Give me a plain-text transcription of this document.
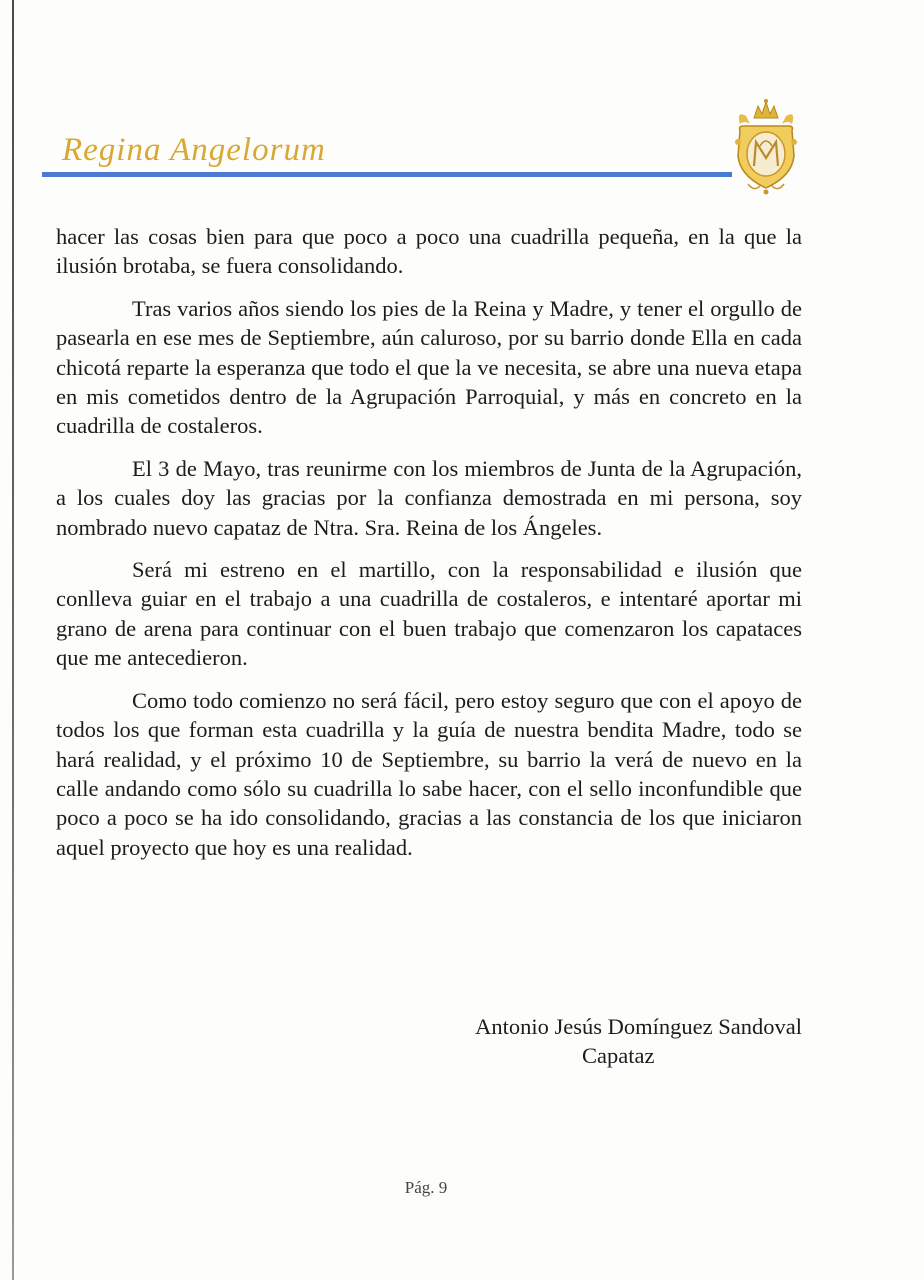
Regina Angelorum

hacer las cosas bien para que poco a poco una cuadrilla pequeña, en la que la ilusión brotaba, se fuera consolidando.

Tras varios años siendo los pies de la Reina y Madre, y tener el orgullo de pasearla en ese mes de Septiembre, aún caluroso, por su barrio donde Ella en cada chicotá reparte la esperanza que todo el que la ve necesita, se abre una nueva etapa en mis cometidos dentro de la Agrupación Parroquial, y más en concreto en la cuadrilla de costaleros.

El 3 de Mayo, tras reunirme con los miembros de Junta de la Agrupación, a los cuales doy las gracias por la confianza demostrada en mi persona, soy nombrado nuevo capataz de Ntra. Sra. Reina de los Ángeles.

Será mi estreno en el martillo, con la responsabilidad e ilusión que conlleva guiar en el trabajo a una cuadrilla de costaleros, e intentaré aportar mi grano de arena para continuar con el buen trabajo que comenzaron los capataces que me antecedieron.

Como todo comienzo no será fácil, pero estoy seguro que con el apoyo de todos los que forman esta cuadrilla y la guía de nuestra bendita Madre, todo se hará realidad, y el próximo 10 de Septiembre, su barrio la verá de nuevo en la calle andando como sólo su cuadrilla lo sabe hacer, con el sello inconfundible que poco a poco se ha ido consolidando, gracias a las constancia de los que iniciaron aquel proyecto que hoy es una realidad.

Antonio Jesús Domínguez Sandoval
Capataz
Pág. 9
